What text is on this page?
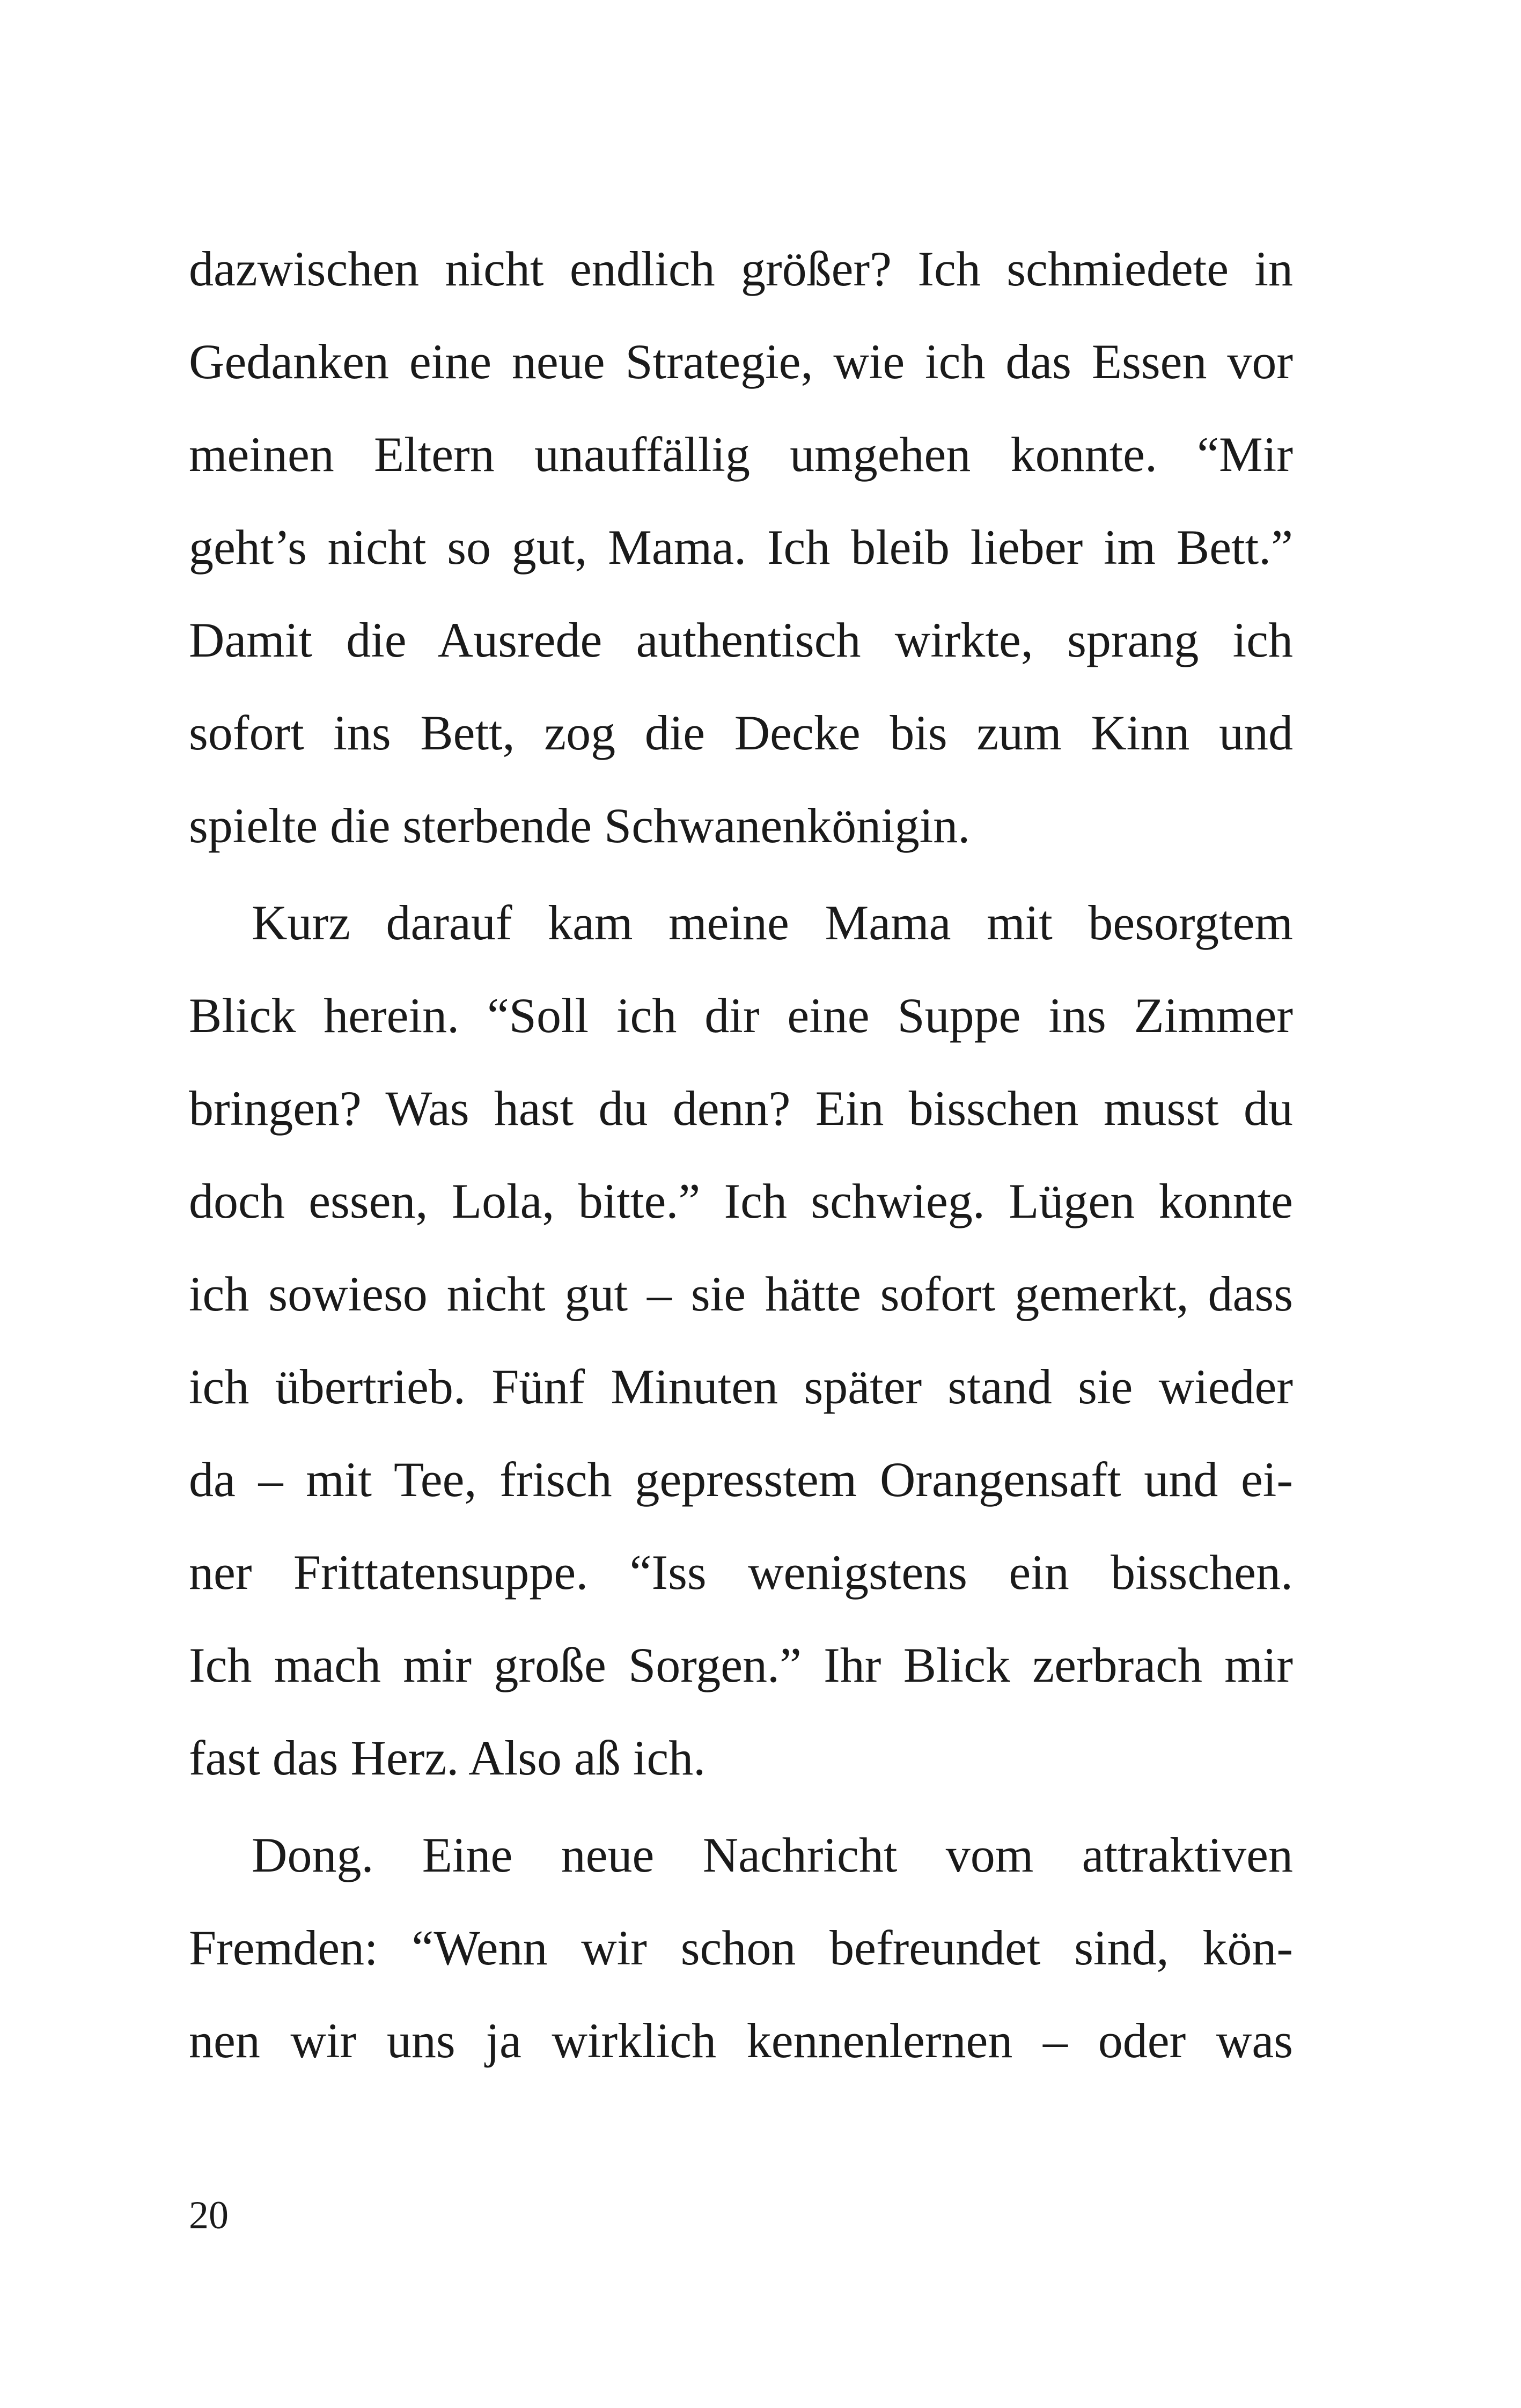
dazwischen nicht endlich größer? Ich schmiedete in
Gedanken eine neue Strategie, wie ich das Essen vor
meinen Eltern unauffällig umgehen konnte. “Mir
geht’s nicht so gut, Mama. Ich bleib lieber im Bett.”
Damit die Ausrede authentisch wirkte, sprang ich
sofort ins Bett, zog die Decke bis zum Kinn und
spielte die sterbende Schwanenkönigin.
Kurz darauf kam meine Mama mit besorgtem
Blick herein. “Soll ich dir eine Suppe ins Zimmer
bringen? Was hast du denn? Ein bisschen musst du
doch essen, Lola, bitte.” Ich schwieg. Lügen konnte
ich sowieso nicht gut – sie hätte sofort gemerkt, dass
ich übertrieb. Fünf Minuten später stand sie wieder
da – mit Tee, frisch gepresstem Orangensaft und ei-
ner Frittatensuppe. “Iss wenigstens ein bisschen.
Ich mach mir große Sorgen.” Ihr Blick zerbrach mir
fast das Herz. Also aß ich.
Dong. Eine neue Nachricht vom attraktiven
Fremden: “Wenn wir schon befreundet sind, kön-
nen wir uns ja wirklich kennenlernen – oder was
20
